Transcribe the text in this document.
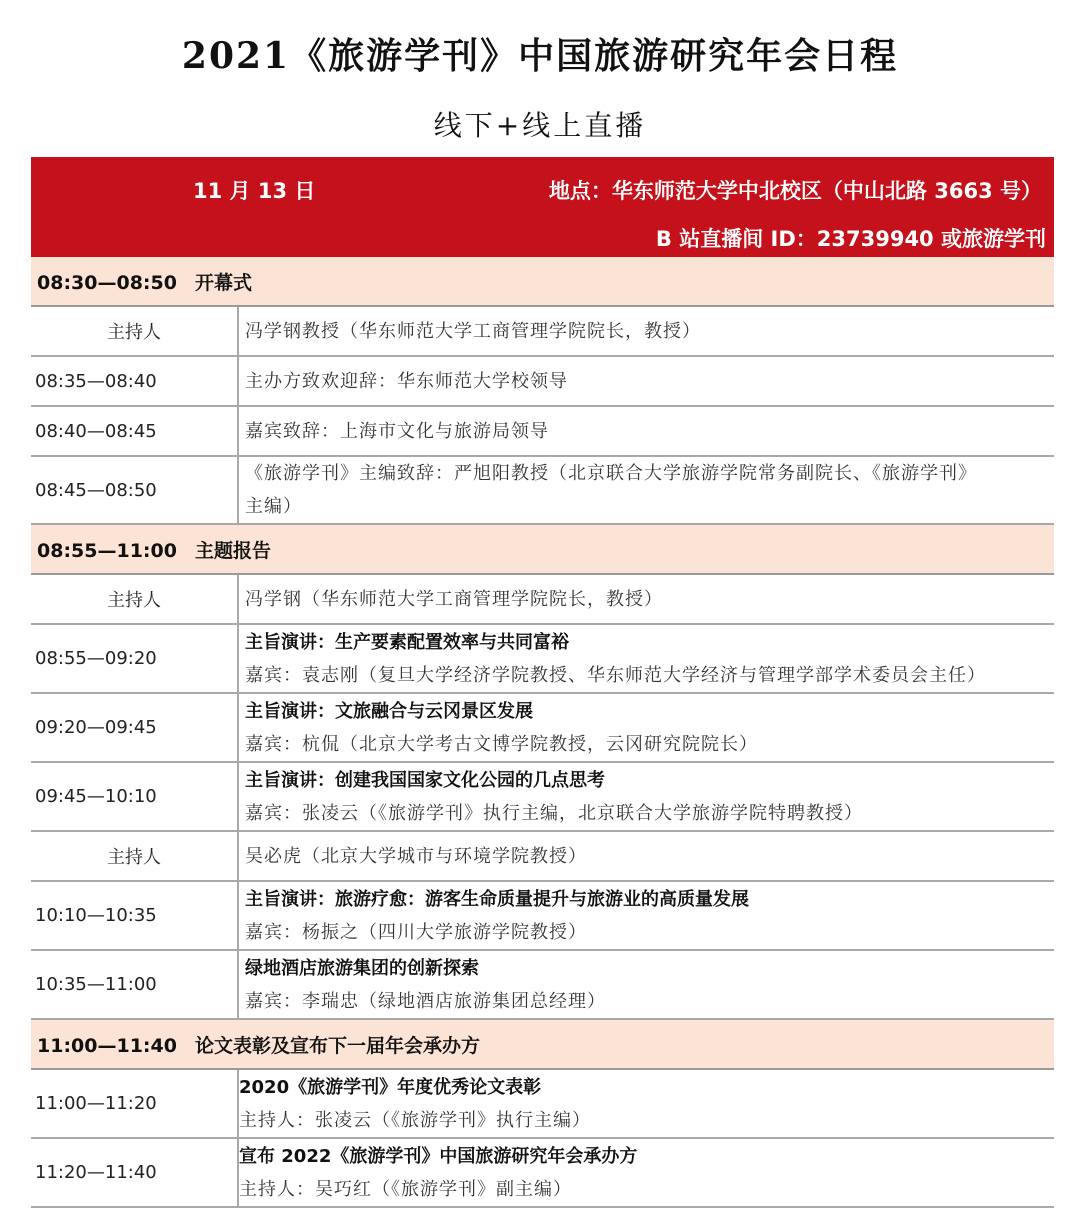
2021《旅游学刊》中国旅游研究年会日程
线下+线上直播
11 月 13 日	地点：华东师范大学中北校区（中山北路 3663 号）
B 站直播间 ID：23739940 或旅游学刊
08:30—08:50 开幕式	
主持人	冯学钢教授（华东师范大学工商管理学院院长，教授）

08:35—08:40	主办方致欢迎辞：华东师范大学校领导

08:40—08:45	嘉宾致辞：上海市文化与旅游局领导

08:45—08:50	《旅游学刊》主编致辞：严旭阳教授（北京联合大学旅游学院常务副院长、《旅游学刊》
主编）

08:55—11:00 主题报告	
主持人	冯学钢（华东师范大学工商管理学院院长，教授）

08:55—09:20	主旨演讲：生产要素配置效率与共同富裕
嘉宾：袁志刚（复旦大学经济学院教授、华东师范大学经济与管理学部学术委员会主任）

09:20—09:45	主旨演讲：文旅融合与云冈景区发展
嘉宾：杭侃（北京大学考古文博学院教授，云冈研究院院长）

09:45—10:10	主旨演讲：创建我国国家文化公园的几点思考
嘉宾：张凌云（《旅游学刊》执行主编，北京联合大学旅游学院特聘教授）

主持人	吴必虎（北京大学城市与环境学院教授）

10:10—10:35	主旨演讲：旅游疗愈：游客生命质量提升与旅游业的高质量发展
嘉宾：杨振之（四川大学旅游学院教授）

10:35—11:00	绿地酒店旅游集团的创新探索
嘉宾：李瑞忠（绿地酒店旅游集团总经理）

11:00—11:40 论文表彰及宣布下一届年会承办方	
11:00—11:20	2020《旅游学刊》年度优秀论文表彰
主持人：张凌云（《旅游学刊》执行主编）

11:20—11:40	宣布 2022《旅游学刊》中国旅游研究年会承办方
主持人：吴巧红（《旅游学刊》副主编）
